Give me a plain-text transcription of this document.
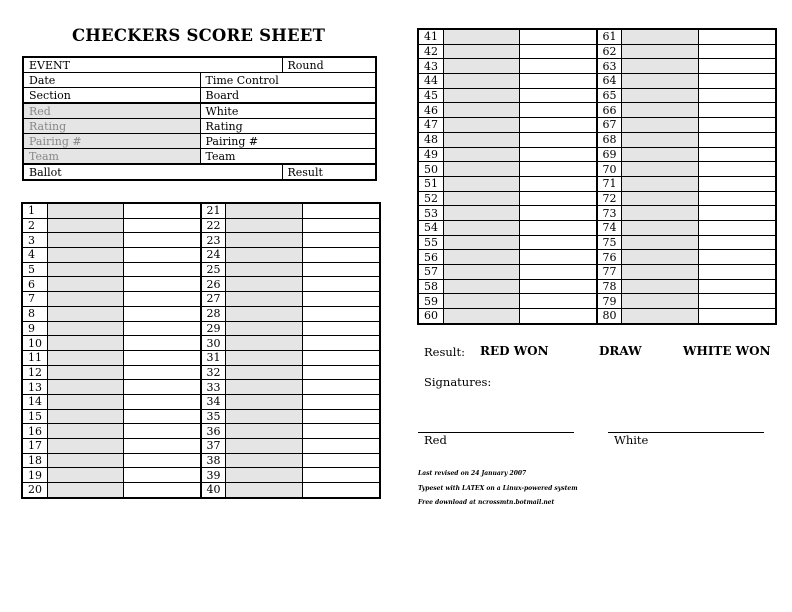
CHECKERS SCORE SHEET
EVENT		Round
Date	Time Control	
Section	Board	
Red	White	
Rating	Rating	
Pairing #	Pairing #	
Team	Team	
Ballot		Result
1			21		
2			22		
3			23		
4			24		
5			25		
6			26		
7			27		
8			28		
9			29		
10			30		
11			31		
12			32		
13			33		
14			34		
15			35		
16			36		
17			37		
18			38		
19			39		
20			40		
41			61		
42			62		
43			63		
44			64		
45			65		
46			66		
47			67		
48			68		
49			69		
50			70		
51			71		
52			72		
53			73		
54			74		
55			75		
56			76		
57			77		
58			78		
59			79		
60			80		
Result: RED WON	DRAW	WHITE WON
Signatures:
Red	White
Last revised on 24 January 2007
Typeset with LATEX on a Linux-powered system
Free download at ncrossmtn.botmail.net
